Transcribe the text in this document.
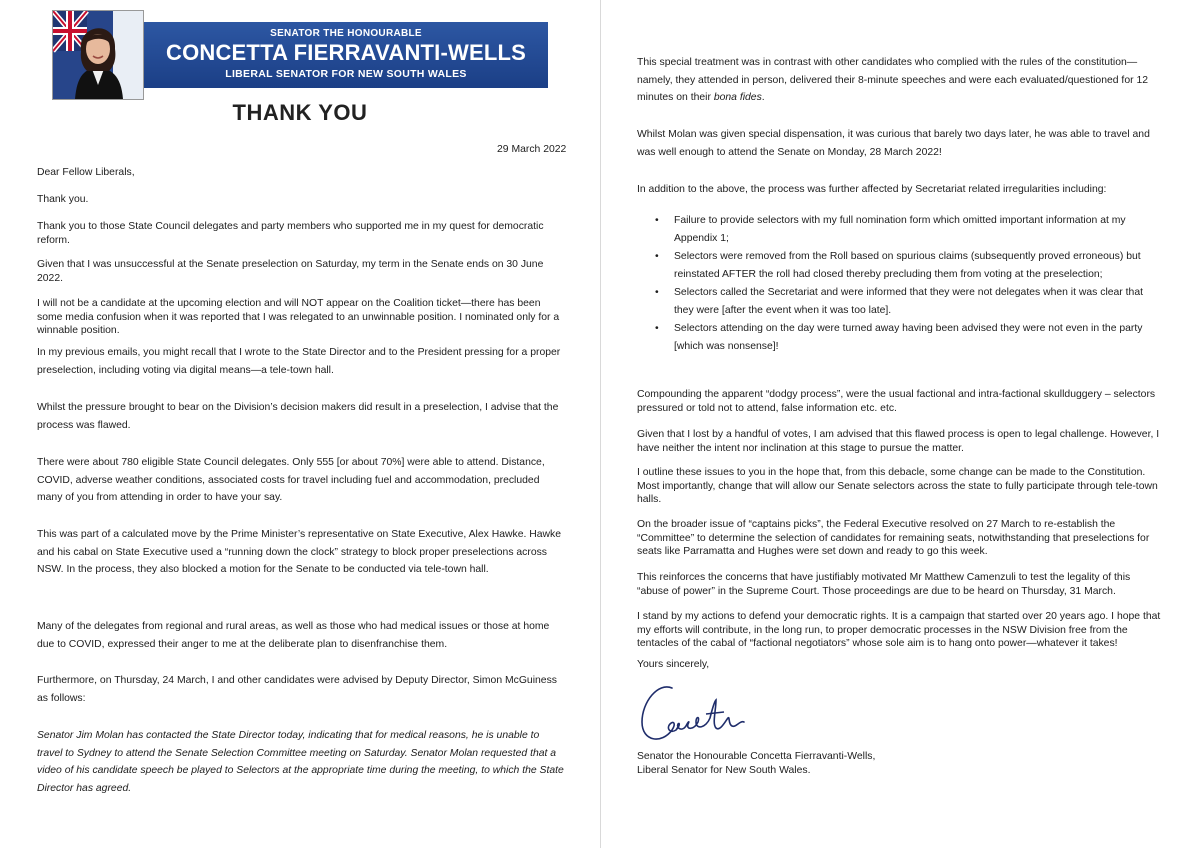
SENATOR THE HONOURABLE
CONCETTA FIERRAVANTI-WELLS
LIBERAL SENATOR FOR NEW SOUTH WALES
THANK YOU

29 March 2022

Dear Fellow Liberals,

Thank you.

Thank you to those State Council delegates and party members who supported me in my quest for democratic reform.

Given that I was unsuccessful at the Senate preselection on Saturday, my term in the Senate ends on 30 June 2022.

I will not be a candidate at the upcoming election and will NOT appear on the Coalition ticket—there has been some media confusion when it was reported that I was relegated to an unwinnable position. I nominated only for a winnable position.

In my previous emails, you might recall that I wrote to the State Director and to the President pressing for a proper preselection, including voting via digital means—a tele-town hall.

Whilst the pressure brought to bear on the Division’s decision makers did result in a preselection, I advise that the process was flawed.

There were about 780 eligible State Council delegates. Only 555 [or about 70%] were able to attend. Distance, COVID, adverse weather conditions, associated costs for travel including fuel and accommodation, precluded many of you from attending in order to have your say.

This was part of a calculated move by the Prime Minister’s representative on State Executive, Alex Hawke. Hawke and his cabal on State Executive used a “running down the clock” strategy to block proper preselections across NSW. In the process, they also blocked a motion for the Senate to be conducted via tele-town hall.

Many of the delegates from regional and rural areas, as well as those who had medical issues or those at home due to COVID, expressed their anger to me at the deliberate plan to disenfranchise them.

Furthermore, on Thursday, 24 March, I and other candidates were advised by Deputy Director, Simon McGuiness as follows:

Senator Jim Molan has contacted the State Director today, indicating that for medical reasons, he is unable to travel to Sydney to attend the Senate Selection Committee meeting on Saturday. Senator Molan requested that a video of his candidate speech be played to Selectors at the appropriate time during the meeting, to which the State Director has agreed.

This special treatment was in contrast with other candidates who complied with the rules of the constitution—namely, they attended in person, delivered their 8-minute speeches and were each evaluated/questioned for 12 minutes on their bona fides.

Whilst Molan was given special dispensation, it was curious that barely two days later, he was able to travel and was well enough to attend the Senate on Monday, 28 March 2022!

In addition to the above, the process was further affected by Secretariat related irregularities including:

• Failure to provide selectors with my full nomination form which omitted important information at my Appendix 1;
• Selectors were removed from the Roll based on spurious claims (subsequently proved erroneous) but reinstated AFTER the roll had closed thereby precluding them from voting at the preselection;
• Selectors called the Secretariat and were informed that they were not delegates when it was clear that they were [after the event when it was too late].
• Selectors attending on the day were turned away having been advised they were not even in the party [which was nonsense]!

Compounding the apparent “dodgy process”, were the usual factional and intra-factional skullduggery – selectors pressured or told not to attend, false information etc. etc.

Given that I lost by a handful of votes, I am advised that this flawed process is open to legal challenge. However, I have neither the intent nor inclination at this stage to pursue the matter.

I outline these issues to you in the hope that, from this debacle, some change can be made to the Constitution. Most importantly, change that will allow our Senate selectors across the state to fully participate through tele-town halls.

On the broader issue of “captains picks”, the Federal Executive resolved on 27 March to re-establish the “Committee” to determine the selection of candidates for remaining seats, notwithstanding that preselections for seats like Parramatta and Hughes were set down and ready to go this week.

This reinforces the concerns that have justifiably motivated Mr Matthew Camenzuli to test the legality of this “abuse of power” in the Supreme Court. Those proceedings are due to be heard on Thursday, 31 March.

I stand by my actions to defend your democratic rights. It is a campaign that started over 20 years ago. I hope that my efforts will contribute, in the long run, to proper democratic processes in the NSW Division free from the tentacles of the cabal of “factional negotiators” whose sole aim is to hang onto power—whatever it takes!

Yours sincerely,

Senator the Honourable Concetta Fierravanti-Wells,

Liberal Senator for New South Wales.
